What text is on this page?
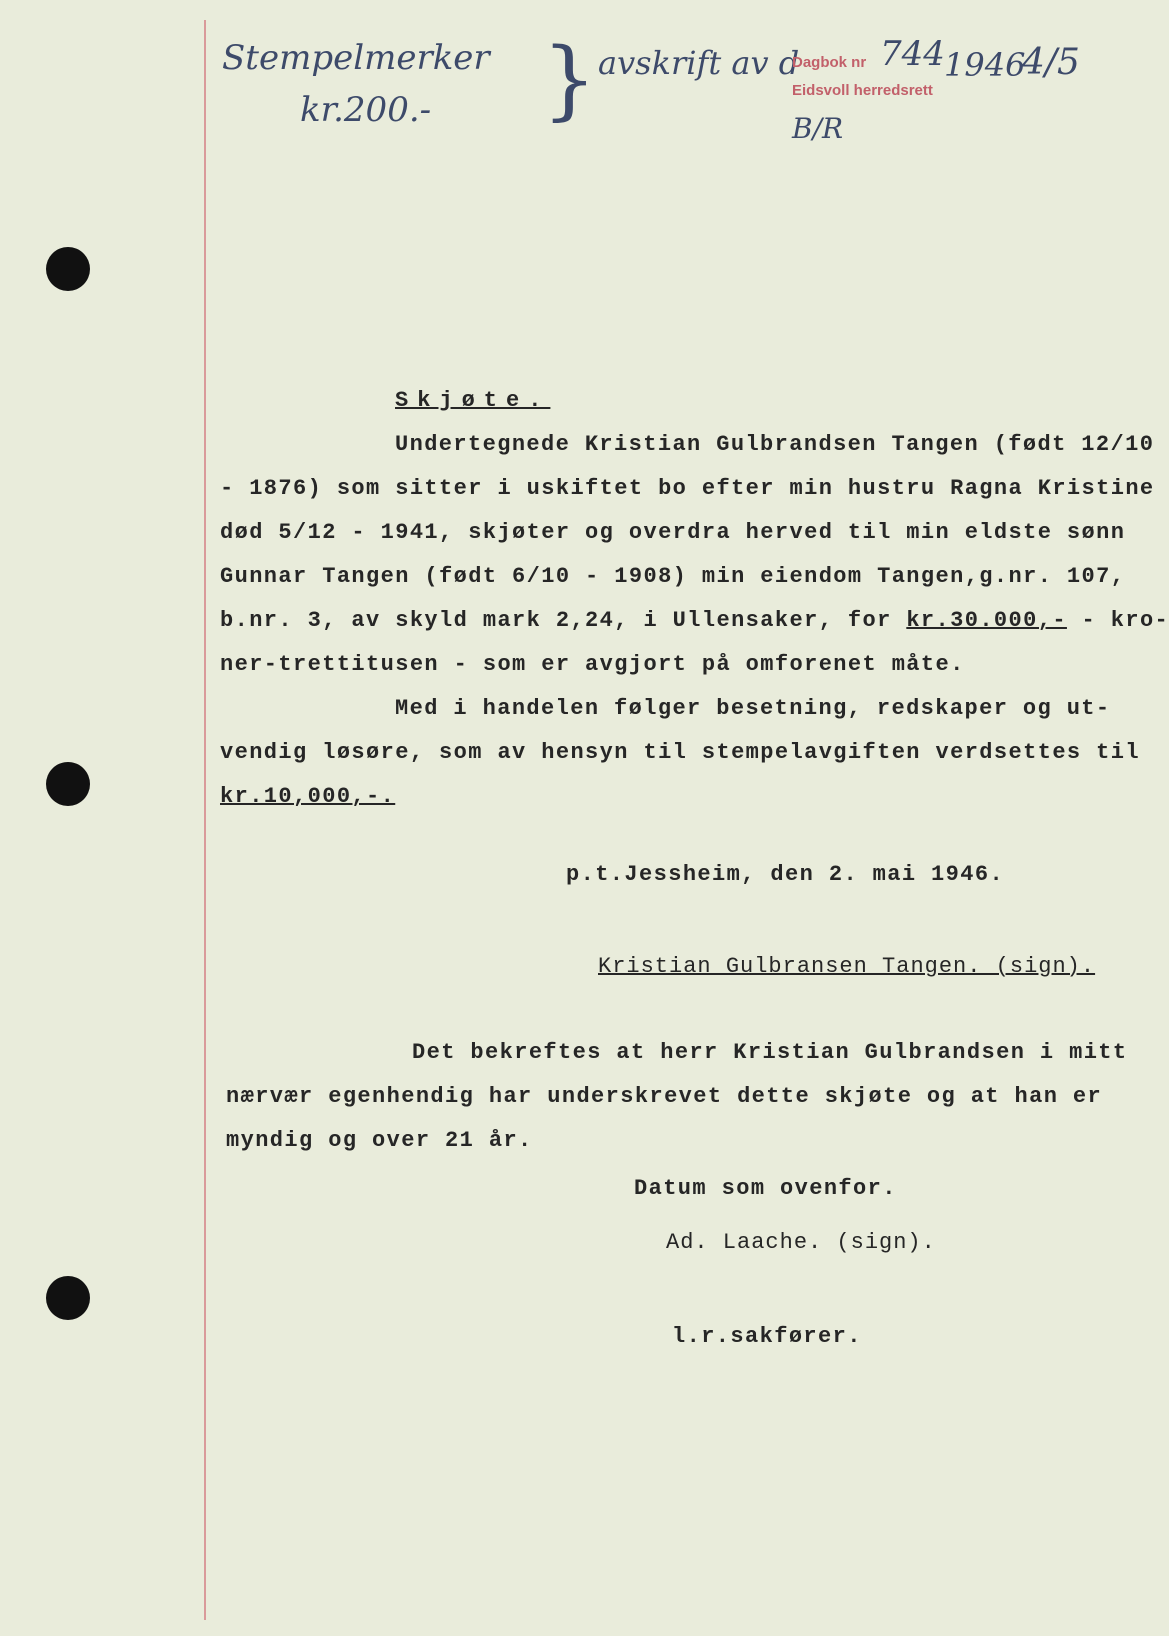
Stempelmerker
kr.200.- } avskrift av d
Dagbok nr 744 1946
4/5
Eidsvoll herredsrett
B/R
Skjøte.
Undertegnede Kristian Gulbrandsen Tangen (født 12/10
- 1876) som sitter i uskiftet bo efter min hustru Ragna Kristine
død 5/12 - 1941, skjøter og overdra herved til min eldste sønn
Gunnar Tangen (født 6/10 - 1908) min eiendom Tangen,g.nr. 107,
b.nr. 3, av skyld mark 2,24, i Ullensaker, for kr.30.000,- - kro-
ner-trettitusen - som er avgjort på omforenet måte.
Med i handelen følger besetning, redskaper og ut-
vendig løsøre, som av hensyn til stempelavgiften verdsettes til
kr.10,000,-.
p.t.Jessheim, den 2. mai 1946.
Kristian Gulbransen Tangen. (sign).
Det bekreftes at herr Kristian Gulbrandsen i mitt
nærvær egenhendig har underskrevet dette skjøte og at han er
myndig og over 21 år.
Datum som ovenfor.
Ad. Laache. (sign).
l.r.sakfører.
